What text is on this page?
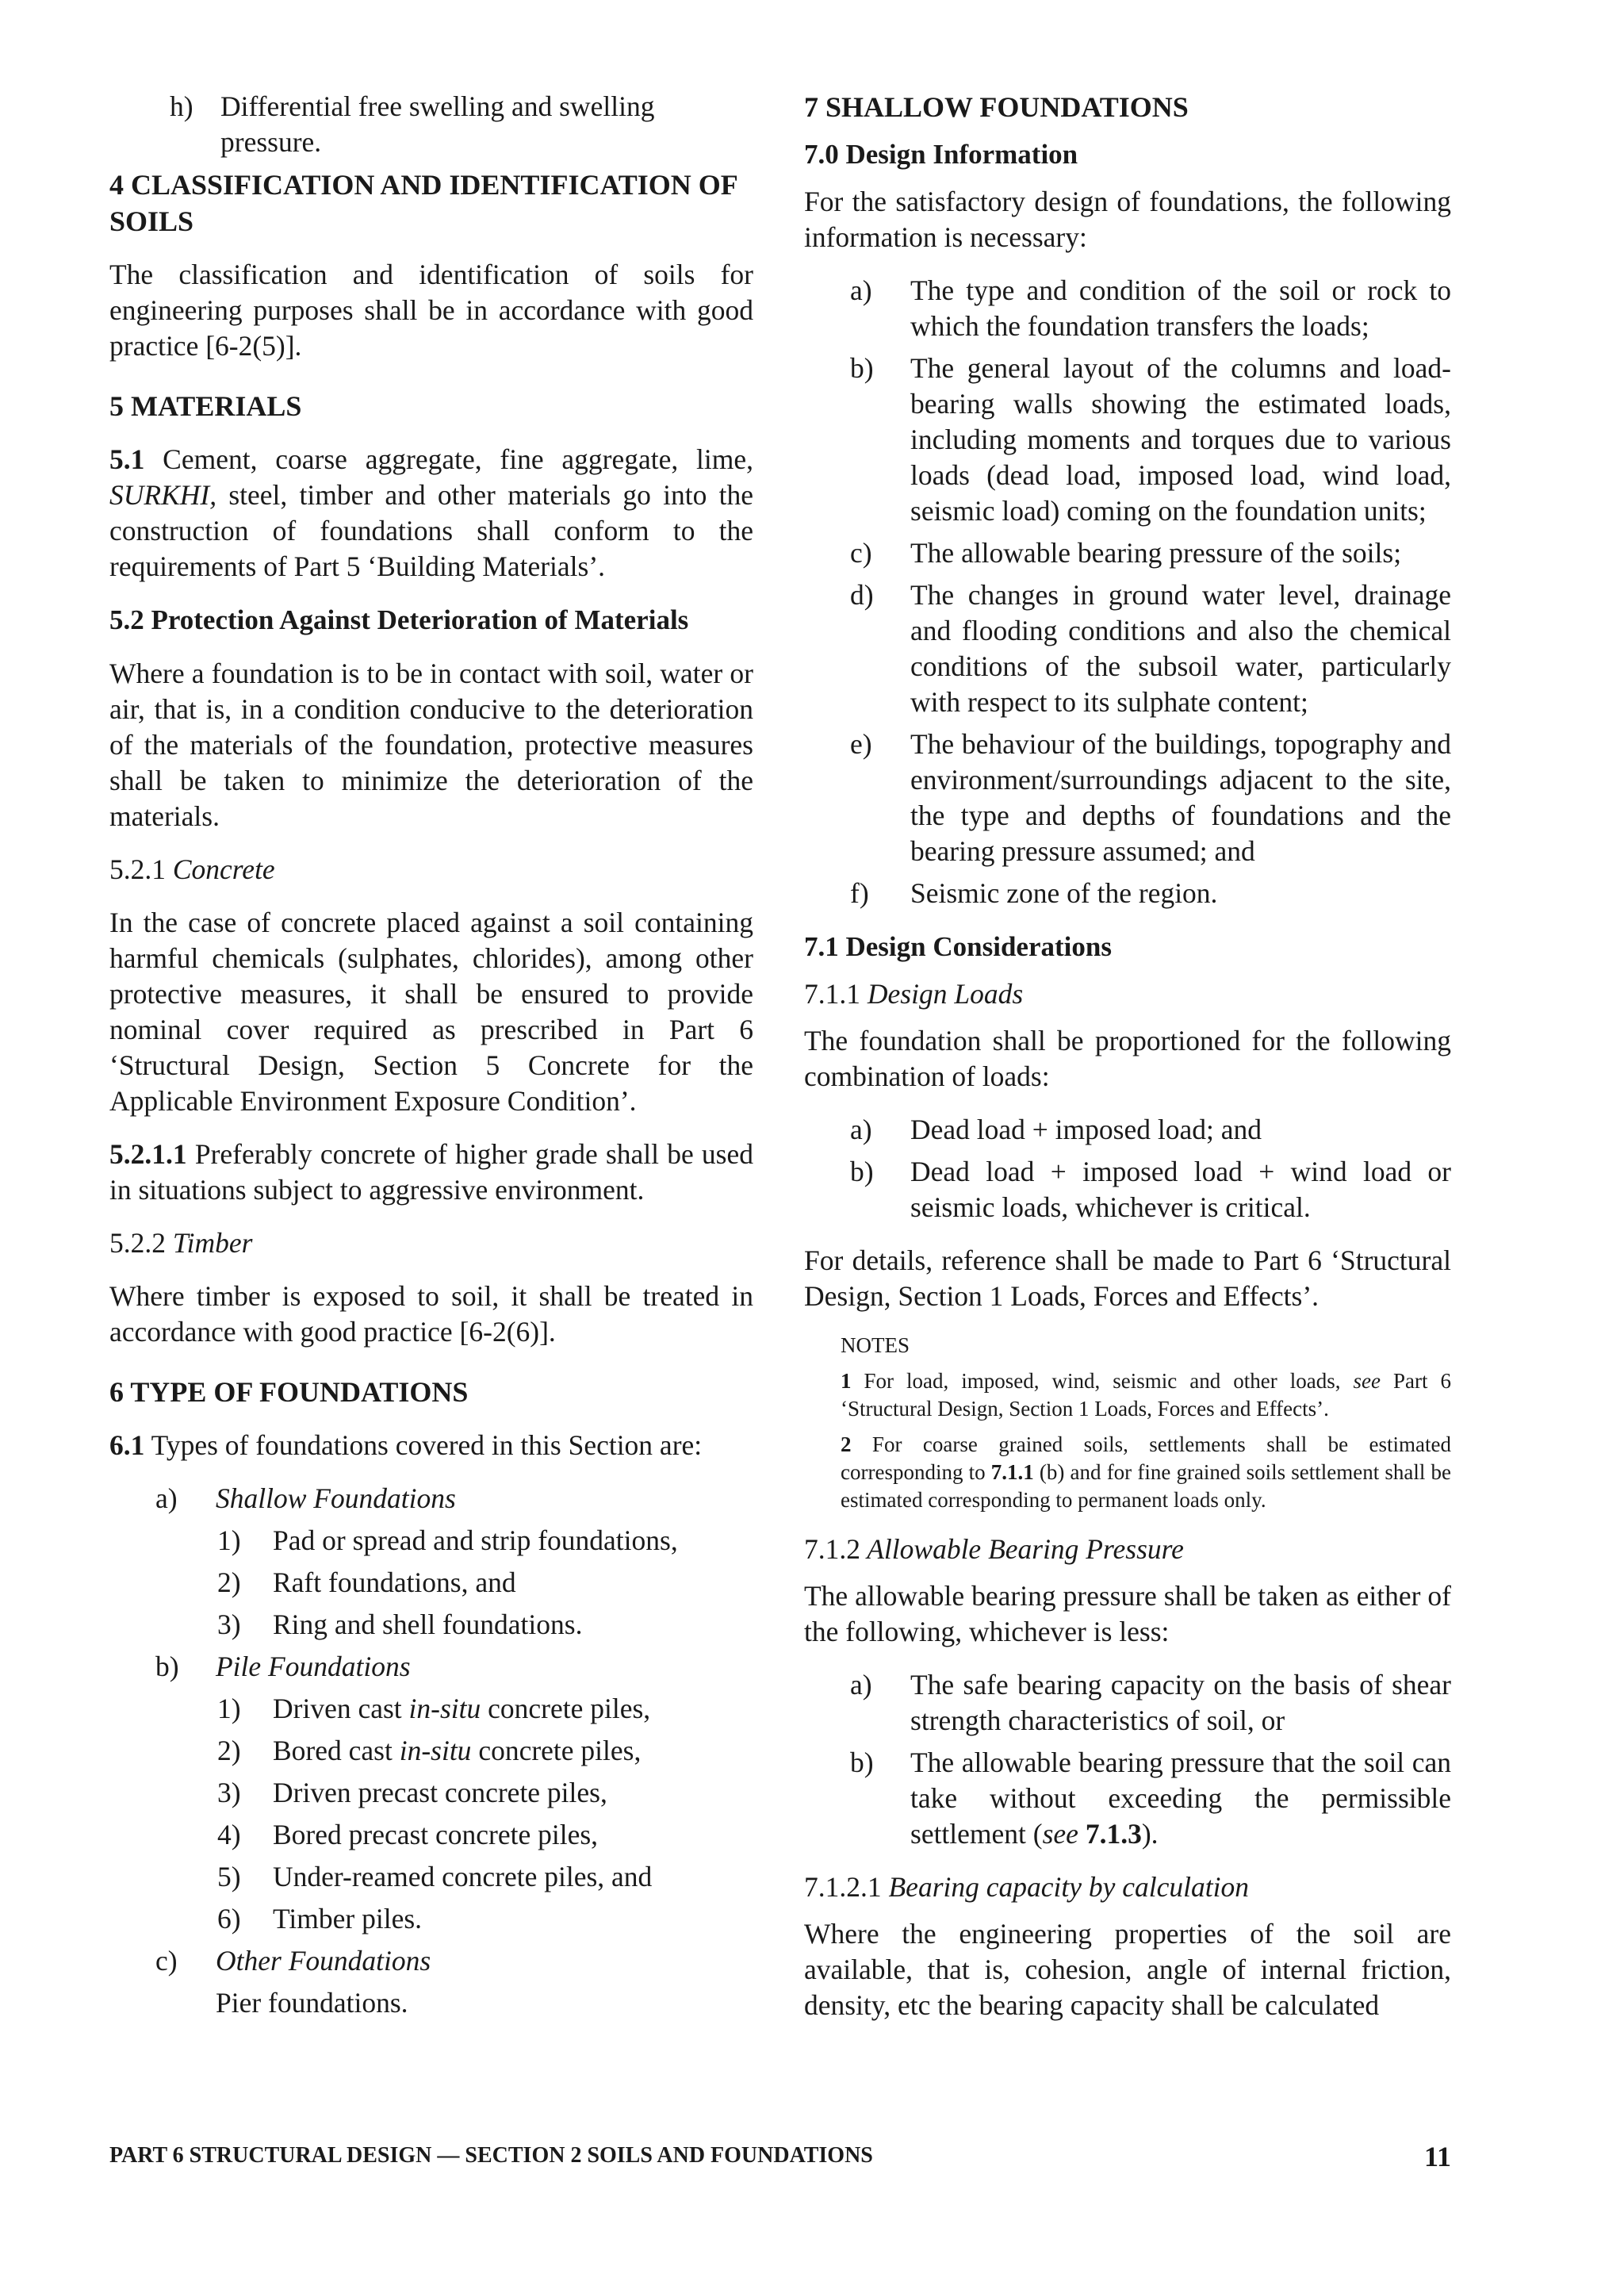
h) Differential free swelling and swelling pressure.

4 CLASSIFICATION AND IDENTIFICATION OF SOILS

The classification and identification of soils for engineering purposes shall be in accordance with good practice [6-2(5)].

5 MATERIALS

5.1 Cement, coarse aggregate, fine aggregate, lime, SURKHI, steel, timber and other materials go into the construction of foundations shall conform to the requirements of Part 5 ‘Building Materials’.

5.2 Protection Against Deterioration of Materials

Where a foundation is to be in contact with soil, water or air, that is, in a condition conducive to the deterioration of the materials of the foundation, protective measures shall be taken to minimize the deterioration of the materials.

5.2.1 Concrete

In the case of concrete placed against a soil containing harmful chemicals (sulphates, chlorides), among other protective measures, it shall be ensured to provide nominal cover required as prescribed in Part 6 ‘Structural Design, Section 5 Concrete for the Applicable Environment Exposure Condition’.

5.2.1.1 Preferably concrete of higher grade shall be used in situations subject to aggressive environment.

5.2.2 Timber

Where timber is exposed to soil, it shall be treated in accordance with good practice [6-2(6)].

6 TYPE OF FOUNDATIONS

6.1 Types of foundations covered in this Section are:

a) Shallow Foundations
1) Pad or spread and strip foundations,
2) Raft foundations, and
3) Ring and shell foundations.
b) Pile Foundations
1) Driven cast in-situ concrete piles,
2) Bored cast in-situ concrete piles,
3) Driven precast concrete piles,
4) Bored precast concrete piles,
5) Under-reamed concrete piles, and
6) Timber piles.
c) Other Foundations
Pier foundations.

7 SHALLOW FOUNDATIONS

7.0 Design Information

For the satisfactory design of foundations, the following information is necessary:

a) The type and condition of the soil or rock to which the foundation transfers the loads;
b) The general layout of the columns and load-bearing walls showing the estimated loads, including moments and torques due to various loads (dead load, imposed load, wind load, seismic load) coming on the foundation units;
c) The allowable bearing pressure of the soils;
d) The changes in ground water level, drainage and flooding conditions and also the chemical conditions of the subsoil water, particularly with respect to its sulphate content;
e) The behaviour of the buildings, topography and environment/surroundings adjacent to the site, the type and depths of foundations and the bearing pressure assumed; and
f) Seismic zone of the region.

7.1 Design Considerations

7.1.1 Design Loads

The foundation shall be proportioned for the following combination of loads:

a) Dead load + imposed load; and
b) Dead load + imposed load + wind load or seismic loads, whichever is critical.

For details, reference shall be made to Part 6 ‘Structural Design, Section 1 Loads, Forces and Effects’.

NOTES

1 For load, imposed, wind, seismic and other loads, see Part 6 ‘Structural Design, Section 1 Loads, Forces and Effects’.

2 For coarse grained soils, settlements shall be estimated corresponding to 7.1.1 (b) and for fine grained soils settlement shall be estimated corresponding to permanent loads only.

7.1.2 Allowable Bearing Pressure

The allowable bearing pressure shall be taken as either of the following, whichever is less:

a) The safe bearing capacity on the basis of shear strength characteristics of soil, or
b) The allowable bearing pressure that the soil can take without exceeding the permissible settlement (see 7.1.3).

7.1.2.1 Bearing capacity by calculation

Where the engineering properties of the soil are available, that is, cohesion, angle of internal friction, density, etc the bearing capacity shall be calculated

PART 6 STRUCTURAL DESIGN — SECTION 2 SOILS AND FOUNDATIONS	11
